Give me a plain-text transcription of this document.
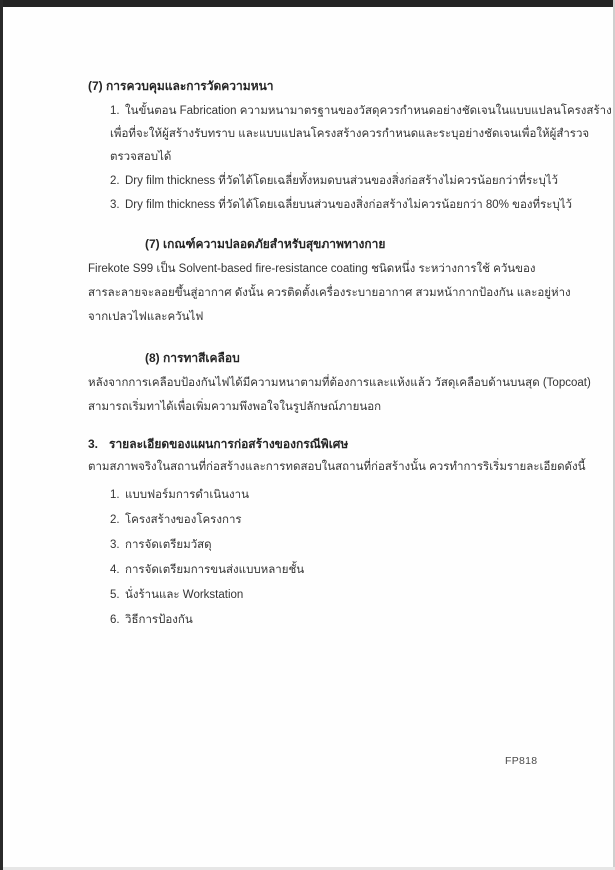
(7) การควบคุมและการวัดความหนา
1. ในขั้นตอน Fabrication ความหนามาตรฐานของวัสดุควรกำหนดอย่างชัดเจนในแบบแปลนโครงสร้าง
เพื่อที่จะให้ผู้สร้างรับทราบ และแบบแปลนโครงสร้างควรกำหนดและระบุอย่างชัดเจนเพื่อให้ผู้สำรวจ
ตรวจสอบได้
2. Dry film thickness ที่วัดได้โดยเฉลี่ยทั้งหมดบนส่วนของสิ่งก่อสร้างไม่ควรน้อยกว่าที่ระบุไว้
3. Dry film thickness ที่วัดได้โดยเฉลี่ยบนส่วนของสิ่งก่อสร้างไม่ควรน้อยกว่า 80% ของที่ระบุไว้
(7) เกณฑ์ความปลอดภัยสำหรับสุขภาพทางกาย
Firekote S99 เป็น Solvent-based fire-resistance coating ชนิดหนึ่ง ระหว่างการใช้ ควันของ
สารละลายจะลอยขึ้นสู่อากาศ ดังนั้น ควรติดตั้งเครื่องระบายอากาศ สวมหน้ากากป้องกัน และอยู่ห่าง
จากเปลวไฟและควันไฟ
(8) การทาสีเคลือบ
หลังจากการเคลือบป้องกันไฟได้มีความหนาตามที่ต้องการและแห้งแล้ว วัสดุเคลือบด้านบนสุด (Topcoat)
สามารถเริ่มทาได้เพื่อเพิ่มความพึงพอใจในรูปลักษณ์ภายนอก
3. รายละเอียดของแผนการก่อสร้างของกรณีพิเศษ
ตามสภาพจริงในสถานที่ก่อสร้างและการทดสอบในสถานที่ก่อสร้างนั้น ควรทำการริเริ่มรายละเอียดดังนี้
1. แบบฟอร์มการดำเนินงาน
2. โครงสร้างของโครงการ
3. การจัดเตรียมวัสดุ
4. การจัดเตรียมการขนส่งแบบหลายชั้น
5. นั่งร้านและ Workstation
6. วิธีการป้องกัน
FP818
